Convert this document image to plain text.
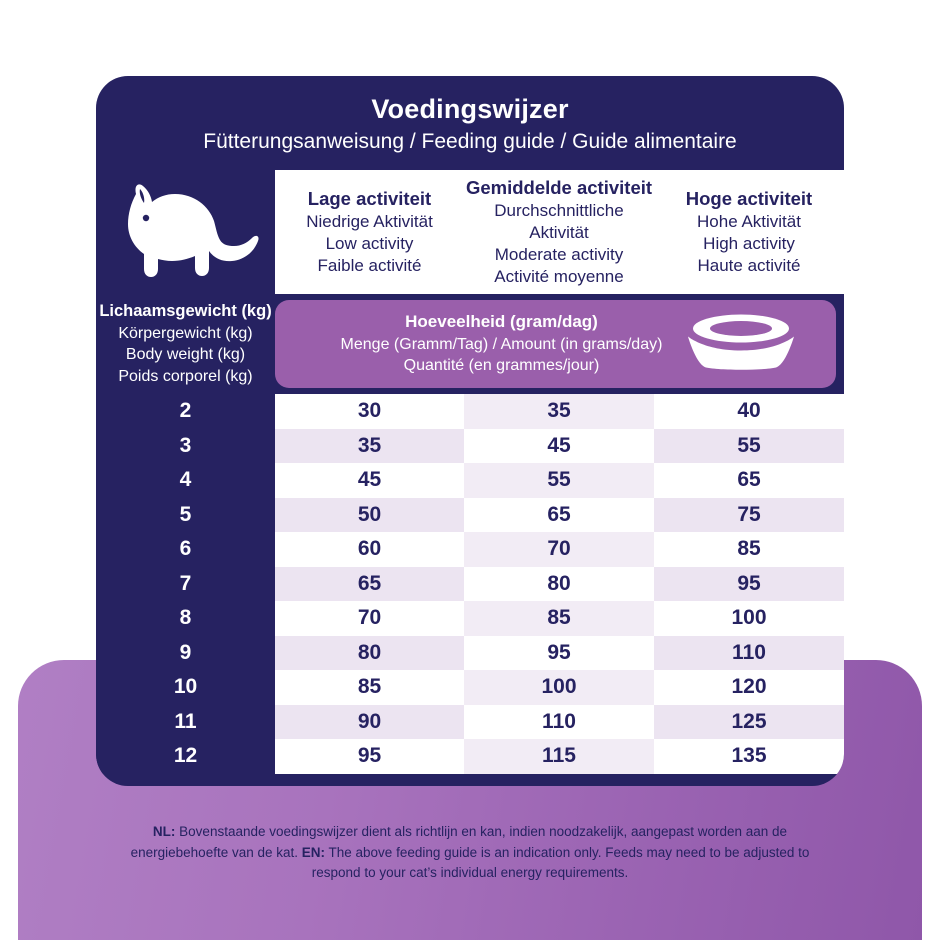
Voedingswijzer
Fütterungsanweisung / Feeding guide / Guide alimentaire

Lage activiteit
Niedrige Aktivität
Low activity
Faible activité

Gemiddelde activiteit
Durchschnittliche Aktivität
Moderate activity
Activité moyenne

Hoge activiteit
Hohe Aktivität
High activity
Haute activité

Lichaamsgewicht (kg)
Körpergewicht (kg)
Body weight (kg)
Poids corporel (kg)

Hoeveelheid (gram/dag)
Menge (Gramm/Tag) / Amount (in grams/day)
Quantité (en grammes/jour)

2	30	35	40
3	35	45	55
4	45	55	65
5	50	65	75
6	60	70	85
7	65	80	95
8	70	85	100
9	80	95	110
10	85	100	120
11	90	110	125
12	95	115	135
NL: Bovenstaande voedingswijzer dient als richtlijn en kan, indien noodzakelijk, aangepast worden aan de energiebehoefte van de kat. EN: The above feeding guide is an indication only. Feeds may need to be adjusted to respond to your cat’s individual energy requirements.
